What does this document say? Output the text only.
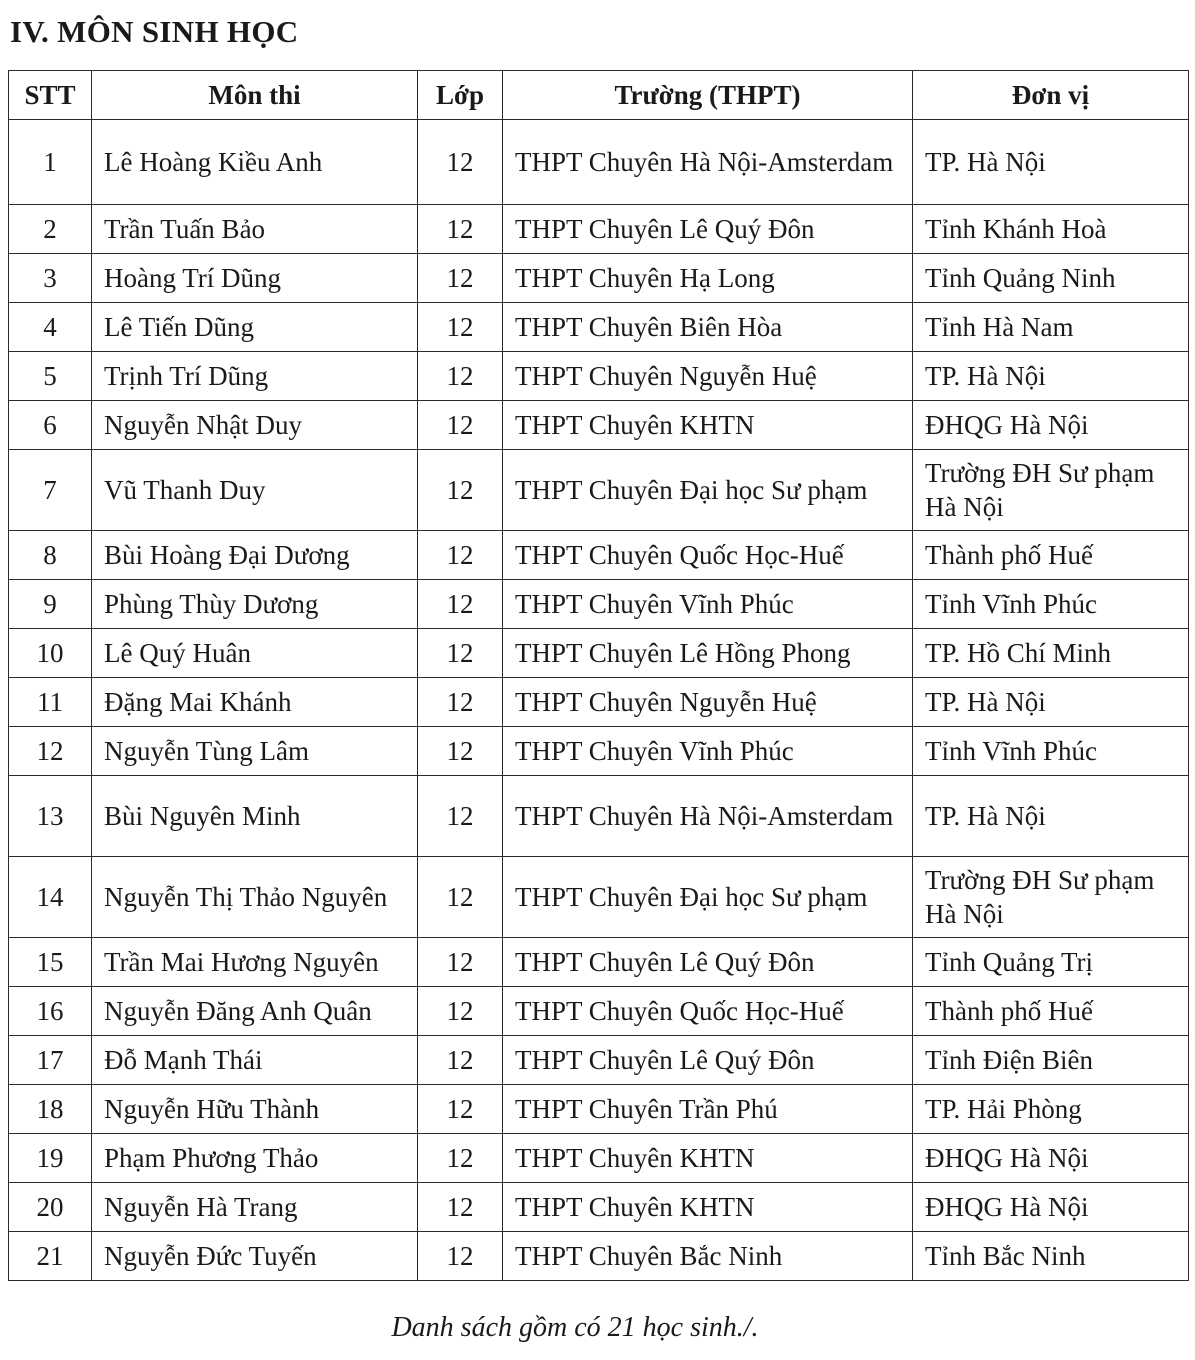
IV. MÔN SINH HỌC
STT	Môn thi	Lớp	Trường (THPT)	Đơn vị
1	Lê Hoàng Kiều Anh	12	THPT Chuyên Hà Nội-Amsterdam	TP. Hà Nội
2	Trần Tuấn Bảo	12	THPT Chuyên Lê Quý Đôn	Tỉnh Khánh Hoà
3	Hoàng Trí Dũng	12	THPT Chuyên Hạ Long	Tỉnh Quảng Ninh
4	Lê Tiến Dũng	12	THPT Chuyên Biên Hòa	Tỉnh Hà Nam
5	Trịnh Trí Dũng	12	THPT Chuyên Nguyễn Huệ	TP. Hà Nội
6	Nguyễn Nhật Duy	12	THPT Chuyên KHTN	ĐHQG Hà Nội
7	Vũ Thanh Duy	12	THPT Chuyên Đại học Sư phạm	Trường ĐH Sư phạm Hà Nội
8	Bùi Hoàng Đại Dương	12	THPT Chuyên Quốc Học-Huế	Thành phố Huế
9	Phùng Thùy Dương	12	THPT Chuyên Vĩnh Phúc	Tỉnh Vĩnh Phúc
10	Lê Quý Huân	12	THPT Chuyên Lê Hồng Phong	TP. Hồ Chí Minh
11	Đặng Mai Khánh	12	THPT Chuyên Nguyễn Huệ	TP. Hà Nội
12	Nguyễn Tùng Lâm	12	THPT Chuyên Vĩnh Phúc	Tỉnh Vĩnh Phúc
13	Bùi Nguyên Minh	12	THPT Chuyên Hà Nội-Amsterdam	TP. Hà Nội
14	Nguyễn Thị Thảo Nguyên	12	THPT Chuyên Đại học Sư phạm	Trường ĐH Sư phạm Hà Nội
15	Trần Mai Hương Nguyên	12	THPT Chuyên Lê Quý Đôn	Tỉnh Quảng Trị
16	Nguyễn Đăng Anh Quân	12	THPT Chuyên Quốc Học-Huế	Thành phố Huế
17	Đỗ Mạnh Thái	12	THPT Chuyên Lê Quý Đôn	Tỉnh Điện Biên
18	Nguyễn Hữu Thành	12	THPT Chuyên Trần Phú	TP. Hải Phòng
19	Phạm Phương Thảo	12	THPT Chuyên KHTN	ĐHQG Hà Nội
20	Nguyễn Hà Trang	12	THPT Chuyên KHTN	ĐHQG Hà Nội
21	Nguyễn Đức Tuyến	12	THPT Chuyên Bắc Ninh	Tỉnh Bắc Ninh

Danh sách gồm có 21 học sinh./.
